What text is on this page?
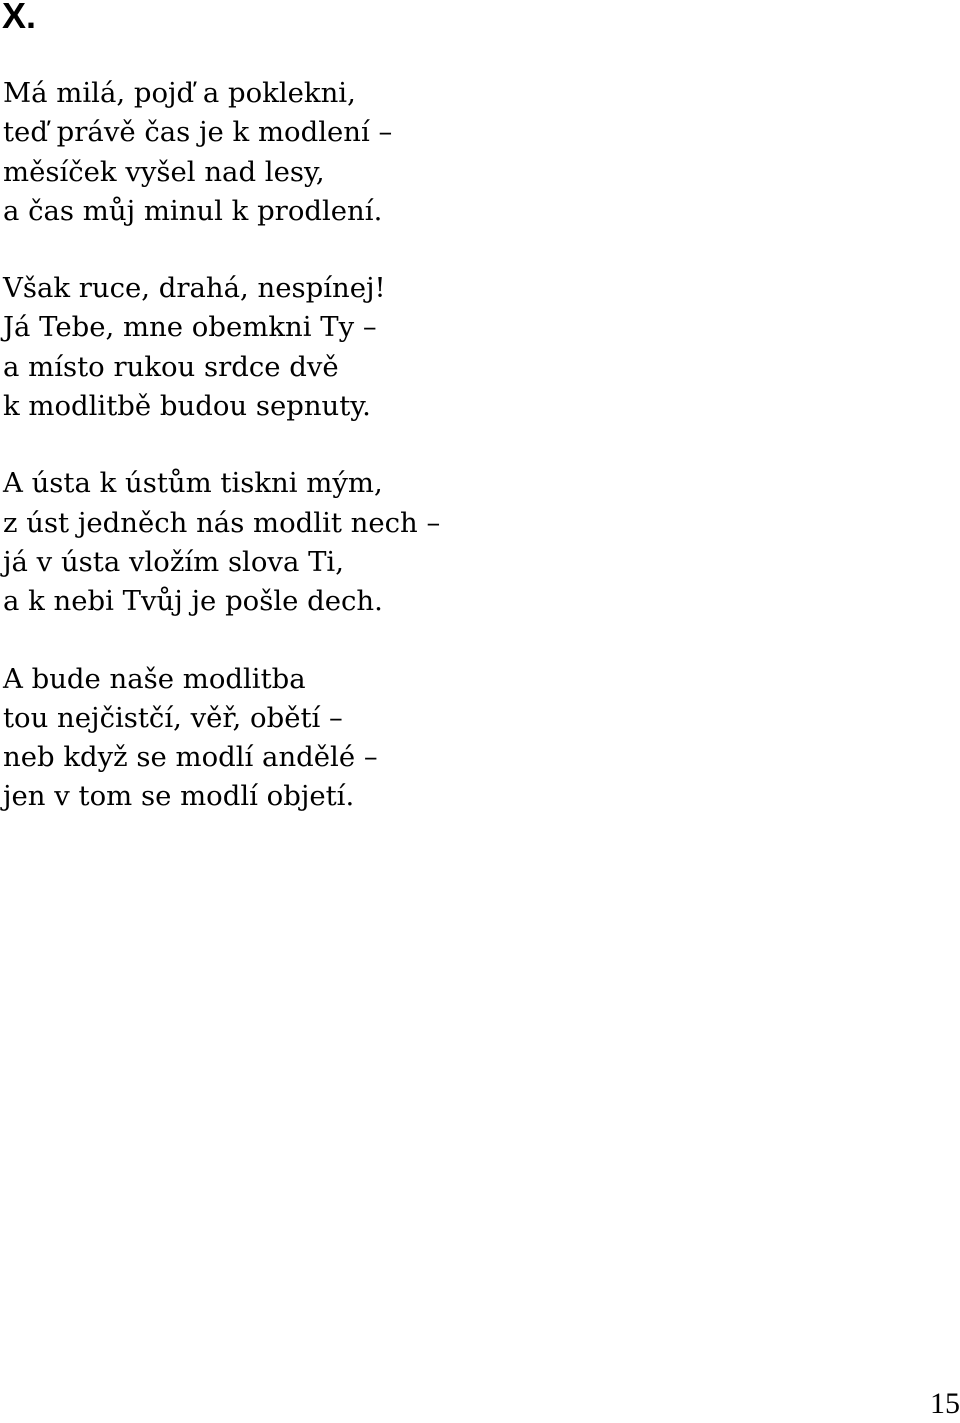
X.
Má milá, pojď a poklekni,
teď právě čas je k modlení –
měsíček vyšel nad lesy,
a čas můj minul k prodlení.
Však ruce, drahá, nespínej!
Já Tebe, mne obemkni Ty –
a místo rukou srdce dvě
k modlitbě budou sepnuty.
A ústa k ústům tiskni mým,
z úst jedněch nás modlit nech –
já v ústa vložím slova Ti,
a k nebi Tvůj je pošle dech.
A bude naše modlitba
tou nejčistčí, věř, obětí –
neb když se modlí andělé –
jen v tom se modlí objetí.
15
